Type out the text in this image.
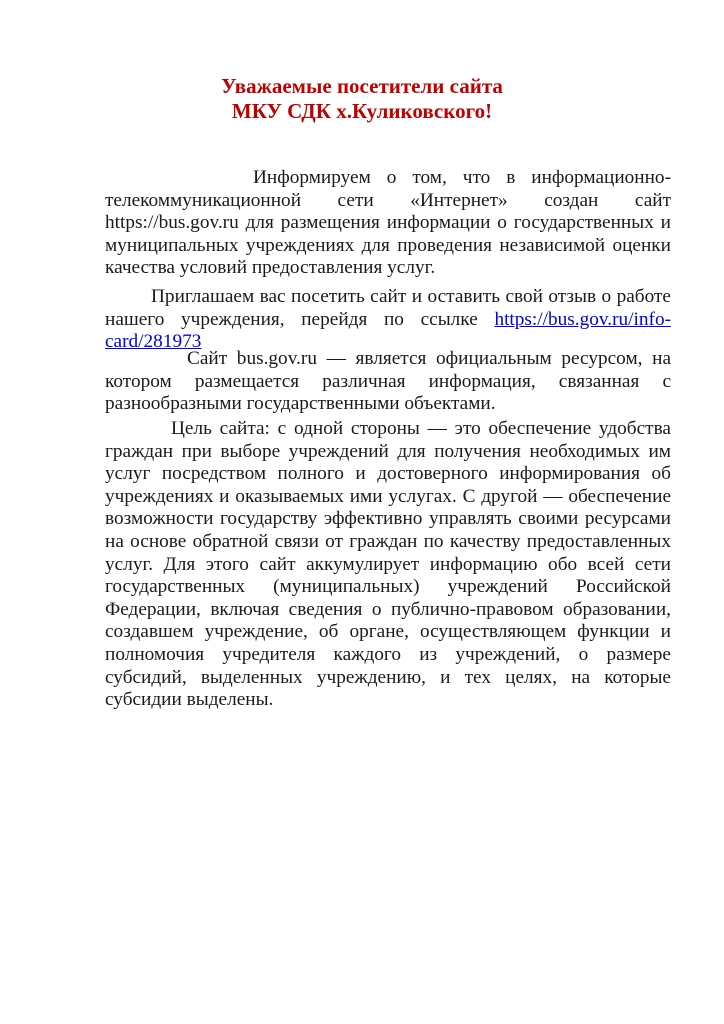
Уважаемые посетители сайта
МКУ СДК х.Куликовского!
Информируем о том, что в информационно-телекоммуникационной сети «Интернет» создан сайт https://bus.gov.ru для размещения информации о государственных и муниципальных учреждениях для проведения независимой оценки качества условий предоставления услуг.
Приглашаем вас посетить сайт и оставить свой отзыв о работе нашего учреждения, перейдя по ссылке https://bus.gov.ru/info-card/281973
Сайт bus.gov.ru — является официальным ресурсом, на котором размещается различная информация, связанная с разнообразными государственными объектами.
Цель сайта: с одной стороны — это обеспечение удобства граждан при выборе учреждений для получения необходимых им услуг посредством полного и достоверного информирования об учреждениях и оказываемых ими услугах. С другой — обеспечение возможности государству эффективно управлять своими ресурсами на основе обратной связи от граждан по качеству предоставленных услуг. Для этого сайт аккумулирует информацию обо всей сети государственных (муниципальных) учреждений Российской Федерации, включая сведения о публично-правовом образовании, создавшем учреждение, об органе, осуществляющем функции и полномочия учредителя каждого из учреждений, о размере субсидий, выделенных учреждению, и тех целях, на которые субсидии выделены.
